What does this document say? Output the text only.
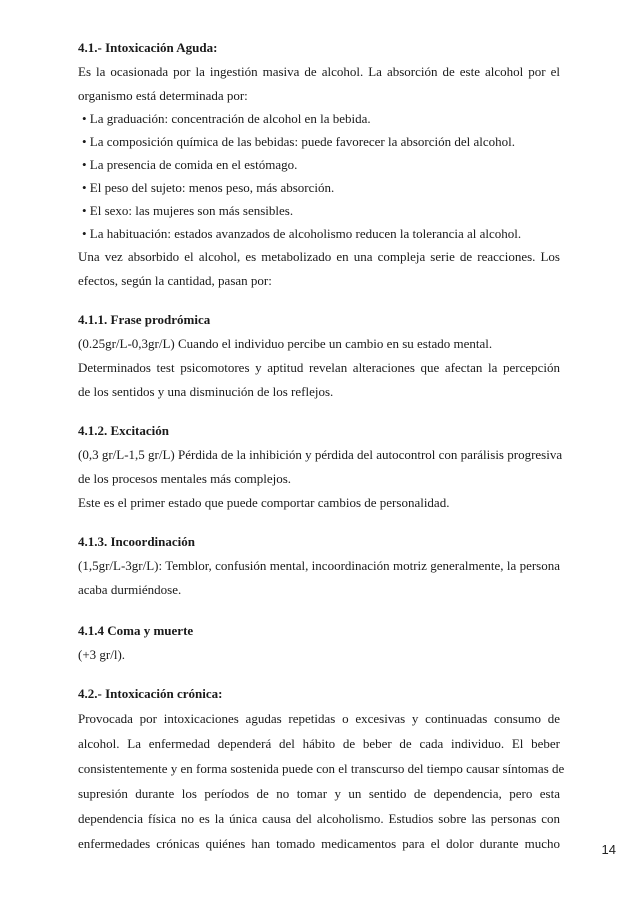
4.1.- Intoxicación Aguda:
Es la ocasionada por la ingestión masiva de alcohol. La absorción de este alcohol por el
organismo está determinada por:
• La graduación: concentración de alcohol en la bebida.
• La composición química de las bebidas: puede favorecer la absorción del alcohol.
• La presencia de comida en el estómago.
• El peso del sujeto: menos peso, más absorción.
• El sexo: las mujeres son más sensibles.
• La habituación: estados avanzados de alcoholismo reducen la tolerancia al alcohol.
Una vez absorbido el alcohol, es metabolizado en una compleja serie de reacciones. Los
efectos, según la cantidad, pasan por:
4.1.1. Frase prodrómica
(0.25gr/L-0,3gr/L) Cuando el individuo percibe un cambio en su estado mental.
Determinados test psicomotores y aptitud revelan alteraciones que afectan la percepción
de los sentidos y una disminución de los reflejos.
4.1.2. Excitación
(0,3 gr/L-1,5 gr/L) Pérdida de la inhibición y pérdida del autocontrol con parálisis progresiva
de los procesos mentales más complejos.
Este es el primer estado que puede comportar cambios de personalidad.
4.1.3. Incoordinación
(1,5gr/L-3gr/L): Temblor, confusión mental, incoordinación motriz generalmente, la persona
acaba durmiéndose.
4.1.4 Coma y muerte
(+3 gr/l).
4.2.- Intoxicación crónica:
Provocada por intoxicaciones agudas repetidas o excesivas y continuadas consumo de
alcohol. La enfermedad dependerá del hábito de beber de cada individuo. El beber
consistentemente y en forma sostenida puede con el transcurso del tiempo causar síntomas de
supresión durante los períodos de no tomar y un sentido de dependencia, pero esta
dependencia física no es la única causa del alcoholismo. Estudios sobre las personas con
enfermedades crónicas quiénes han tomado medicamentos para el dolor durante mucho	14
